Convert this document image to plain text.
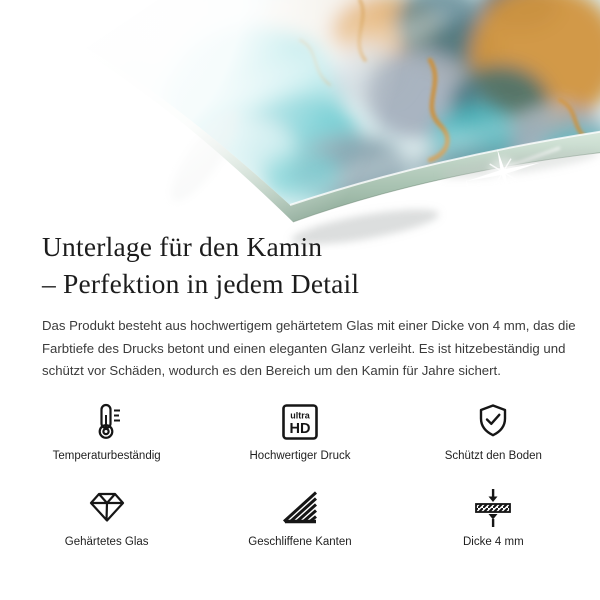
Unterlage für den Kamin
– Perfektion in jedem Detail
Das Produkt besteht aus hochwertigem gehärtetem Glas mit einer Dicke von 4 mm, das die
Farbtiefe des Drucks betont und einen eleganten Glanz verleiht. Es ist hitzebeständig und
schützt vor Schäden, wodurch es den Bereich um den Kamin für Jahre sichert.
Temperaturbeständig
ultra
HD
Hochwertiger Druck	Schützt den Boden
Gehärtetes Glas	Geschliffene Kanten	Dicke 4 mm
